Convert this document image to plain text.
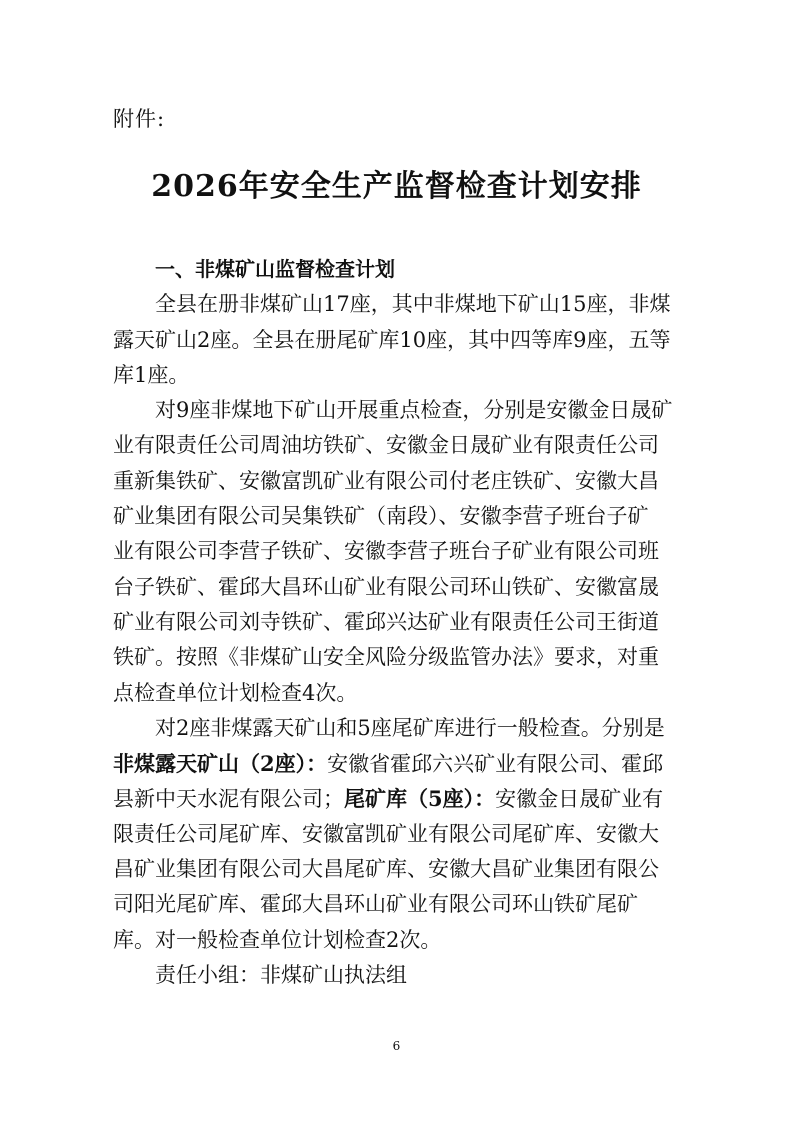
附件:
2026年安全生产监督检查计划安排
一、非煤矿山监督检查计划
全县在册非煤矿山17座，其中非煤地下矿山15座，非煤
露天矿山2座。全县在册尾矿库10座，其中四等库9座，五等
库1座。
对9座非煤地下矿山开展重点检查，分别是安徽金日晟矿
业有限责任公司周油坊铁矿、安徽金日晟矿业有限责任公司
重新集铁矿、安徽富凯矿业有限公司付老庄铁矿、安徽大昌
矿业集团有限公司吴集铁矿（南段）、安徽李营子班台子矿
业有限公司李营子铁矿、安徽李营子班台子矿业有限公司班
台子铁矿、霍邱大昌环山矿业有限公司环山铁矿、安徽富晟
矿业有限公司刘寺铁矿、霍邱兴达矿业有限责任公司王街道
铁矿。按照《非煤矿山安全风险分级监管办法》要求，对重
点检查单位计划检查4次。
对2座非煤露天矿山和5座尾矿库进行一般检查。分别是
非煤露天矿山（2座）：安徽省霍邱六兴矿业有限公司、霍邱
县新中天水泥有限公司；尾矿库（5座）：安徽金日晟矿业有
限责任公司尾矿库、安徽富凯矿业有限公司尾矿库、安徽大
昌矿业集团有限公司大昌尾矿库、安徽大昌矿业集团有限公
司阳光尾矿库、霍邱大昌环山矿业有限公司环山铁矿尾矿
库。对一般检查单位计划检查2次。
责任小组：非煤矿山执法组
6
